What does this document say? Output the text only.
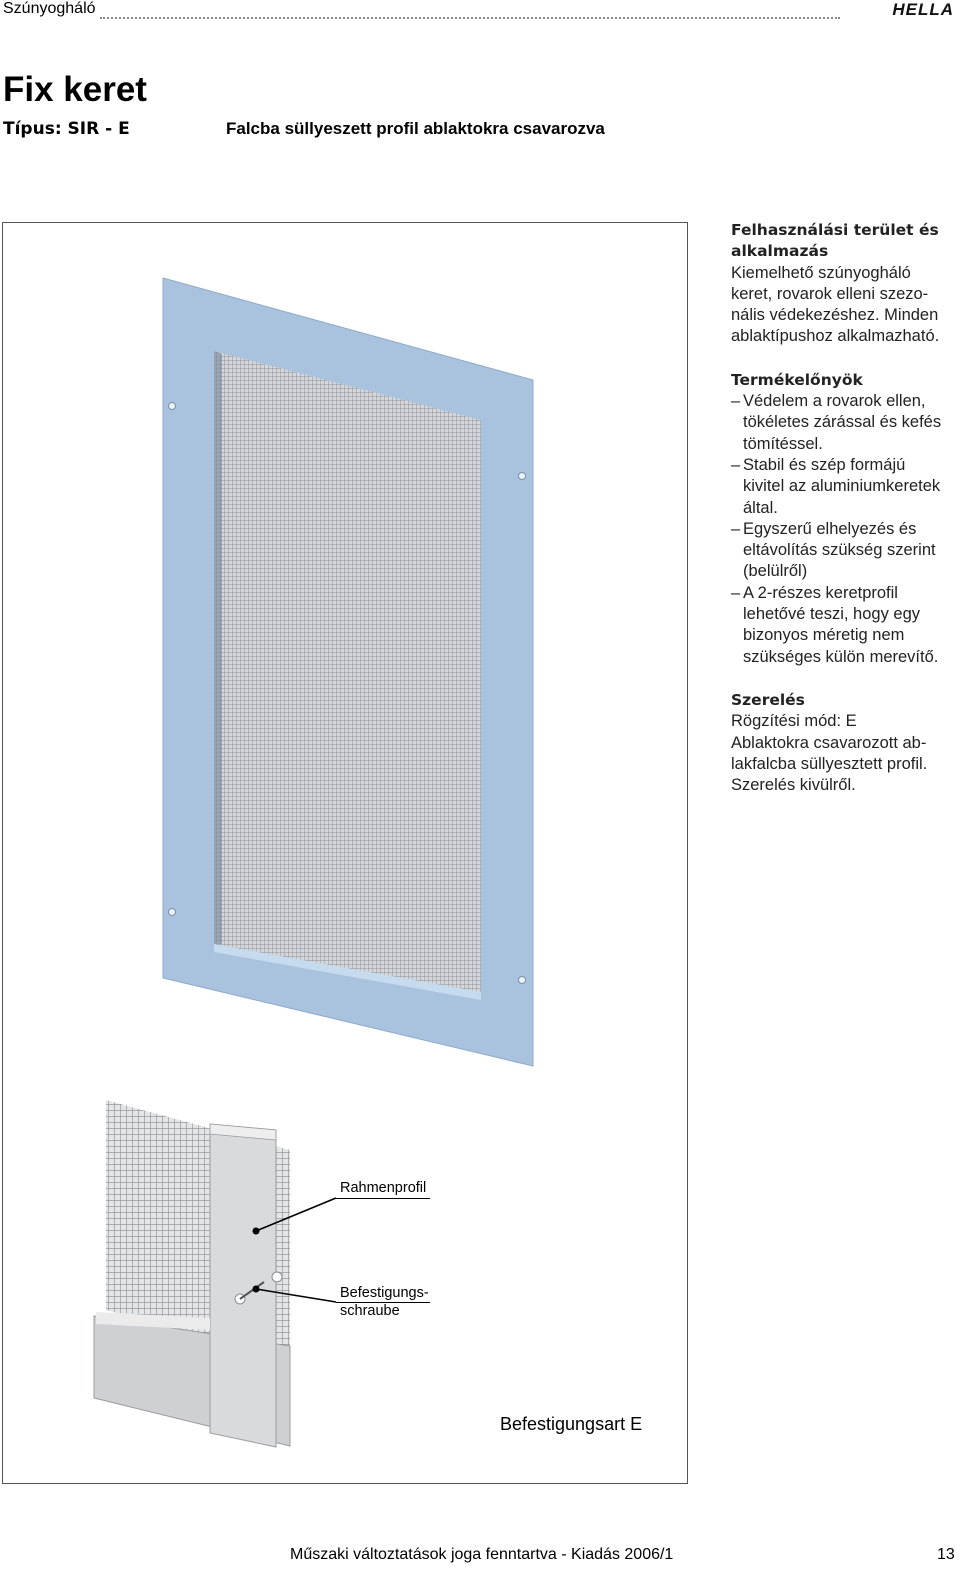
Szúnyogháló	HELLA
Fix keret
Típus: SIR - E	Falcba süllyeszett profil ablaktokra csavarozva
Rahmenprofil
Befestigungs-
schraube
Befestigungsart E

Felhasználási terület és

alkalmazás

Kiemelhető szúnyogháló

keret, rovarok elleni szezo-

nális védekezéshez. Minden

ablaktípushoz alkalmazható.

Termékelőnyök

– Védelem a rovarok ellen,

tökéletes zárással és kefés

tömítéssel.

– Stabil és szép formájú

kivitel az aluminiumkeretek

által.

– Egyszerű elhelyezés és

eltávolítás szükség szerint

(belülről)

– A 2-részes keretprofil

lehetővé teszi, hogy egy

bizonyos méretig nem

szükséges külön merevítő.

Szerelés

Rögzítési mód: E

Ablaktokra csavarozott ab-

lakfalcba süllyesztett profil.

Szerelés kivülről.

Műszaki változtatások joga fenntartva - Kiadás 2006/1	13
